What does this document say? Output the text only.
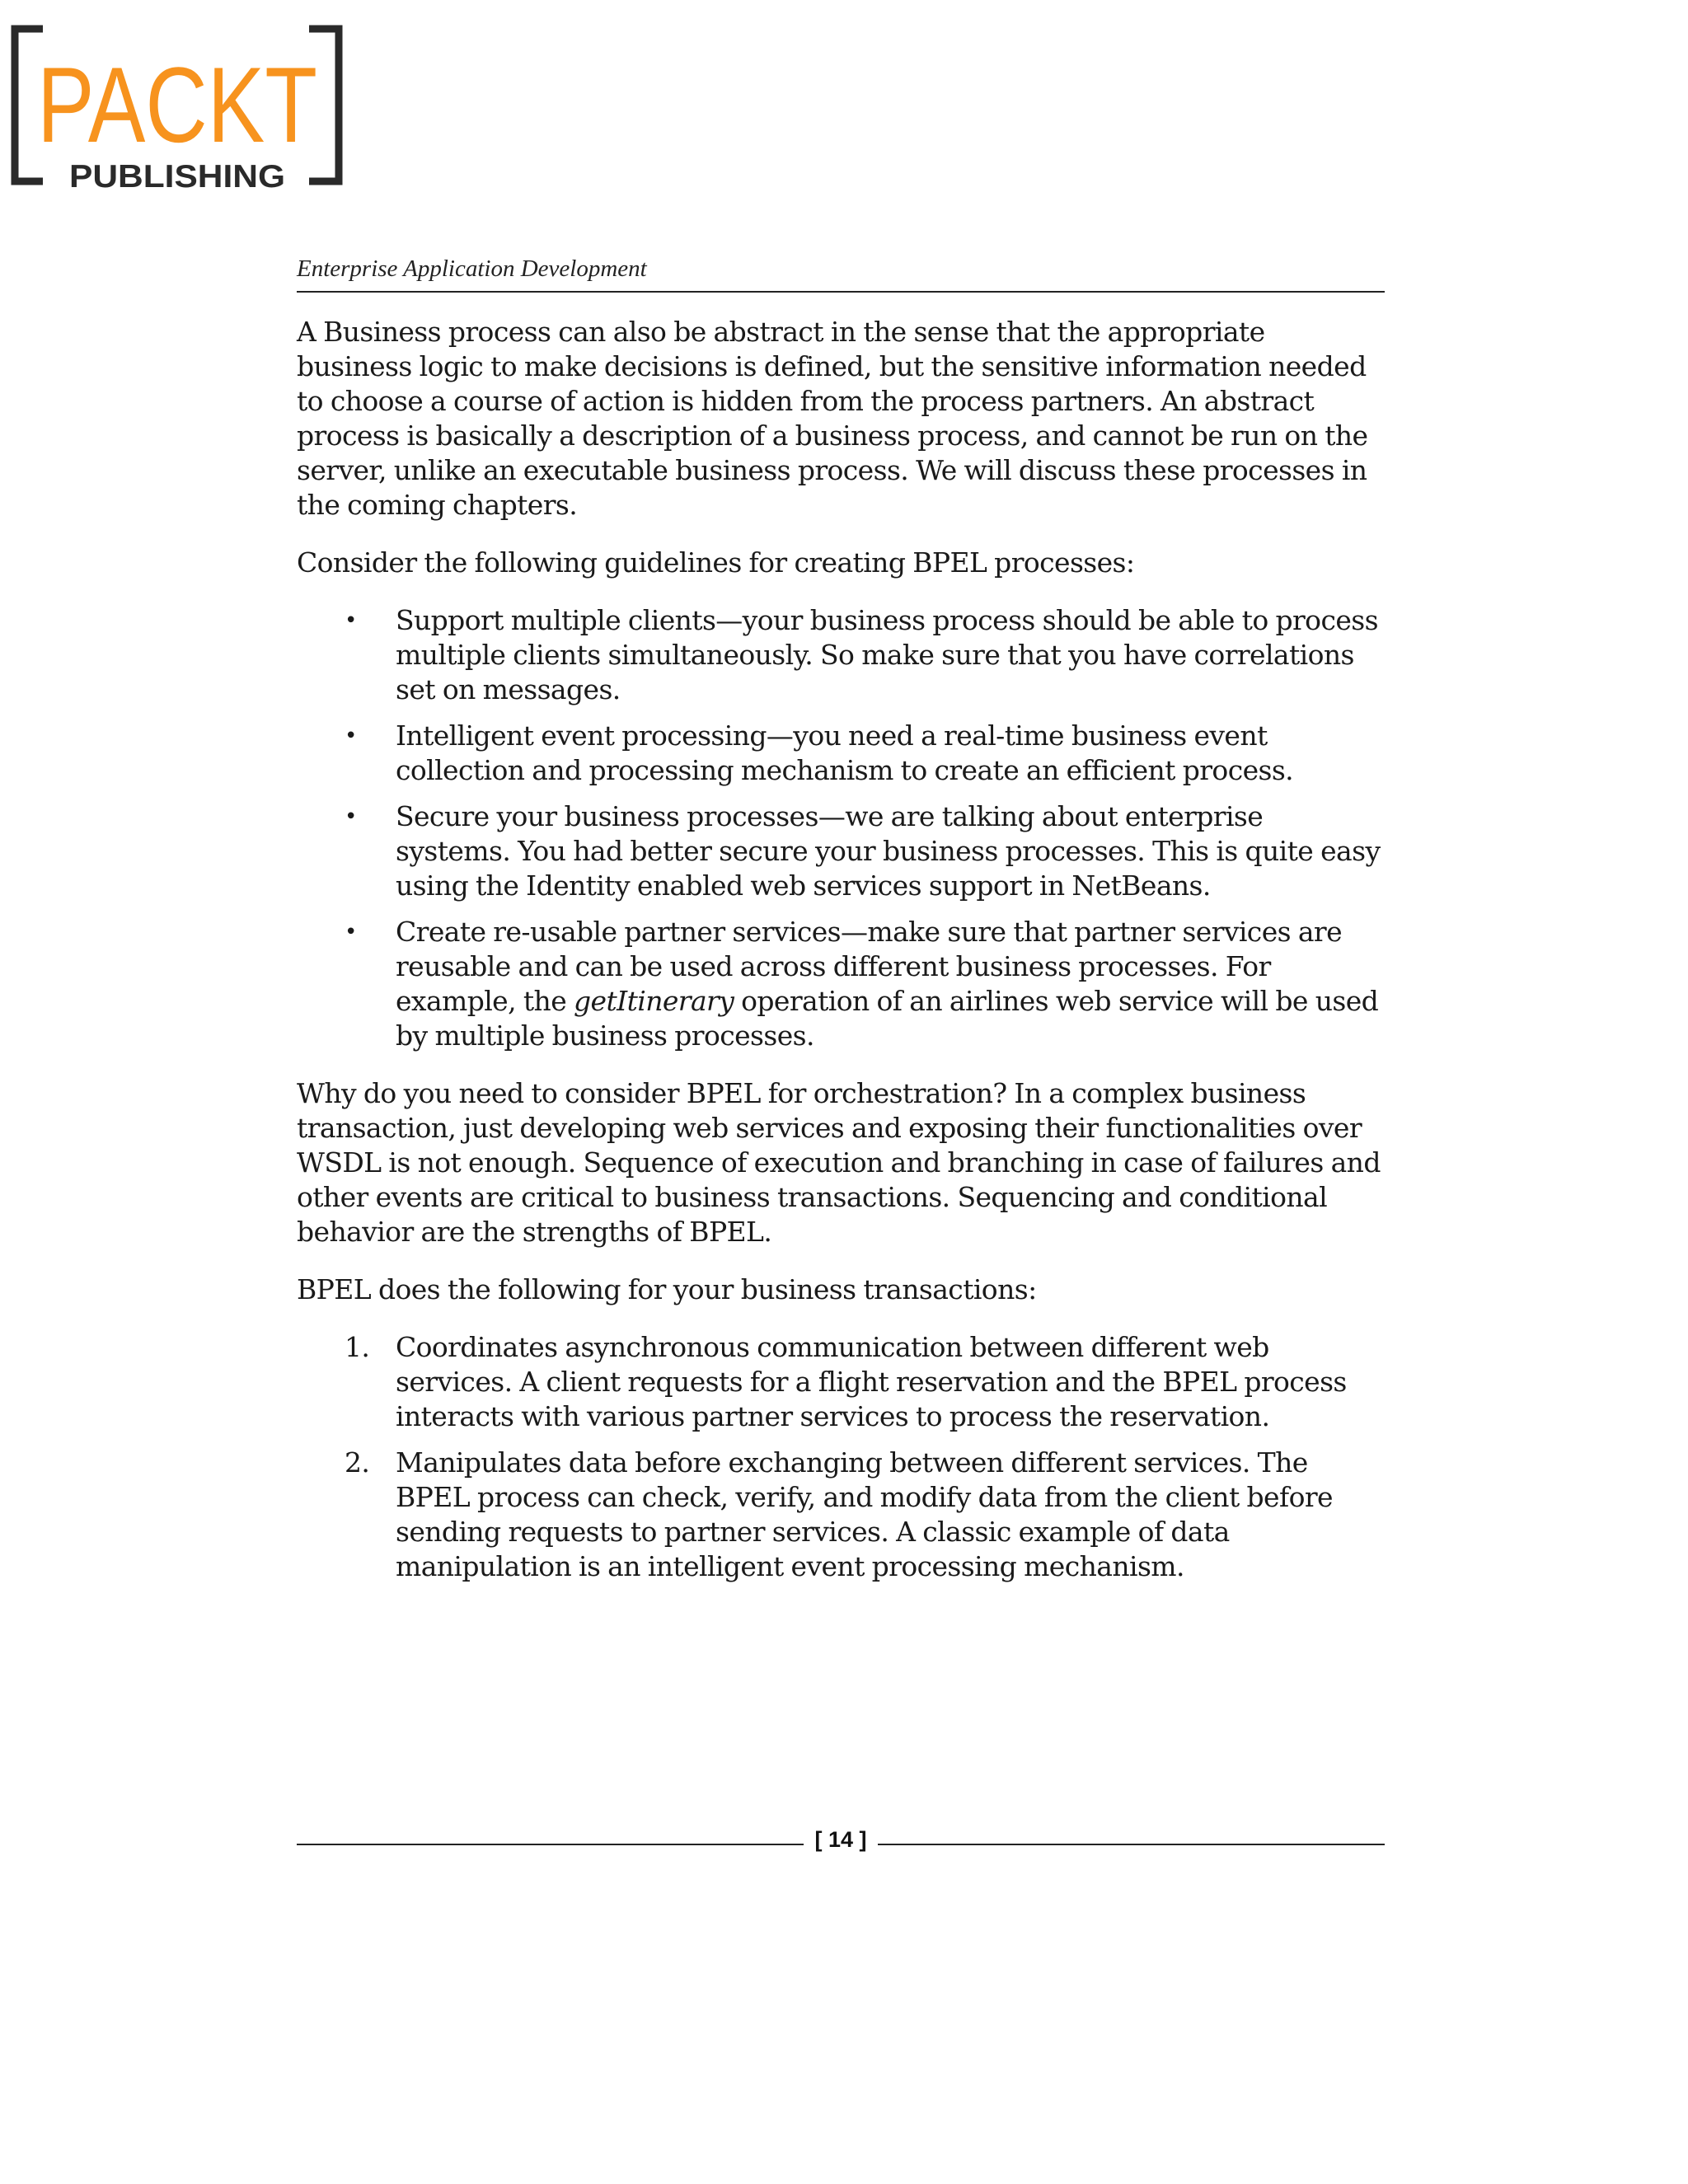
PACKT
PUBLISHING
Enterprise Application Development

A Business process can also be abstract in the sense that the appropriate business logic to make decisions is defined, but the sensitive information needed to choose a course of action is hidden from the process partners. An abstract process is basically a description of a business process, and cannot be run on the server, unlike an executable business process. We will discuss these processes in the coming chapters.

Consider the following guidelines for creating BPEL processes:

•	Support multiple clients—your business process should be able to process multiple clients simultaneously. So make sure that you have correlations set on messages.
•	Intelligent event processing—you need a real-time business event collection and processing mechanism to create an efficient process.
•	Secure your business processes—we are talking about enterprise systems. You had better secure your business processes. This is quite easy using the Identity enabled web services support in NetBeans.
•	Create re-usable partner services—make sure that partner services are reusable and can be used across different business processes. For example, the getItinerary operation of an airlines web service will be used by multiple business processes.

Why do you need to consider BPEL for orchestration? In a complex business transaction, just developing web services and exposing their functionalities over WSDL is not enough. Sequence of execution and branching in case of failures and other events are critical to business transactions. Sequencing and conditional behavior are the strengths of BPEL.

BPEL does the following for your business transactions:

1. Coordinates asynchronous communication between different web services. A client requests for a flight reservation and the BPEL process interacts with various partner services to process the reservation.
2. Manipulates data before exchanging between different services. The BPEL process can check, verify, and modify data from the client before sending requests to partner services. A classic example of data manipulation is an intelligent event processing mechanism.
[ 14 ]
